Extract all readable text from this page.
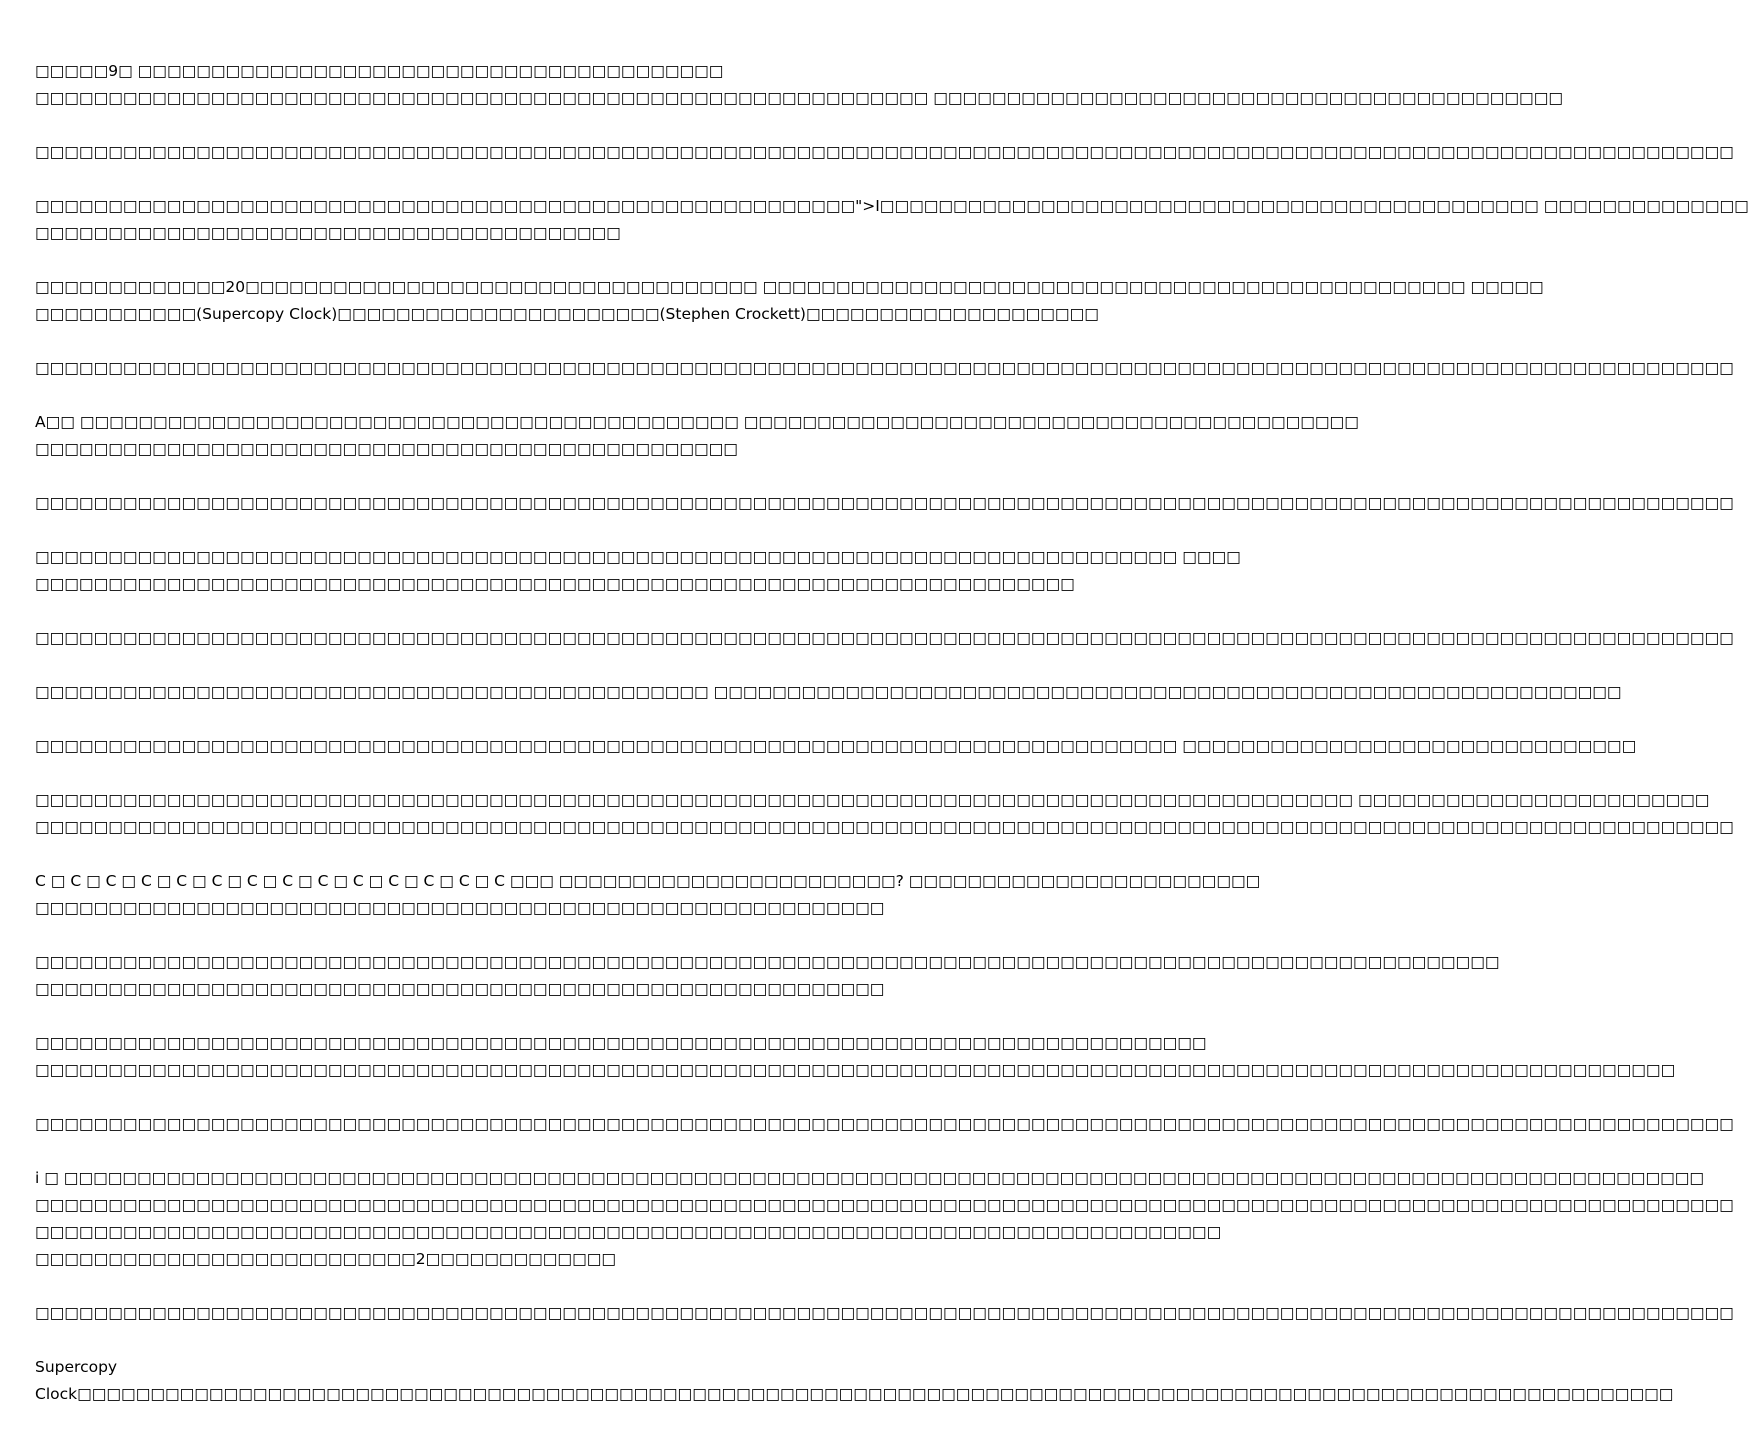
□□□□□9□ □□□□□□□□□□□□□□□□□□□□□□□□□□□□□□□□□□□□□□□□
□□□□□□□□□□□□□□□□□□□□□□□□□□□□□□□□□□□□□□□□□□□□□□□□□□□□□□□□□□□□□ □□□□□□□□□□□□□□□□□□□□□□□□□□□□□□□□□□□□□□□□□□□

□□□□□□□□□□□□□□□□□□□□□□□□□□□□□□□□□□□□□□□□□□□□□□□□□□□□□□□□□□□□□□□□□□□□□□□□□□□□□□□□□□□□□□□□□□□□□□□□□□□□□□□□□□□□□□□□□□□□

□□□□□□□□□□□□□□□□□□□□□□□□□□□□□□□□□□□□□□□□□□□□□□□□□□□□□□□□">I□□□□□□□□□□□□□□□□□□□□□□□□□□□□□□□□□□□□□□□□□□□□□ □□□□□□□□□□□□□□
□□□□□□□□□□□□□□□□□□□□□□□□□□□□□□□□□□□□□□□□

□□□□□□□□□□□□□20□□□□□□□□□□□□□□□□□□□□□□□□□□□□□□□□□□□ □□□□□□□□□□□□□□□□□□□□□□□□□□□□□□□□□□□□□□□□□□□□□□□□ □□□□□
□□□□□□□□□□□(Supercopy Clock)□□□□□□□□□□□□□□□□□□□□□□(Stephen Crockett)□□□□□□□□□□□□□□□□□□□□

□□□□□□□□□□□□□□□□□□□□□□□□□□□□□□□□□□□□□□□□□□□□□□□□□□□□□□□□□□□□□□□□□□□□□□□□□□□□□□□□□□□□□□□□□□□□□□□□□□□□□□□□□□□□□□□□□□□□

A□□ □□□□□□□□□□□□□□□□□□□□□□□□□□□□□□□□□□□□□□□□□□□□□ □□□□□□□□□□□□□□□□□□□□□□□□□□□□□□□□□□□□□□□□□□
□□□□□□□□□□□□□□□□□□□□□□□□□□□□□□□□□□□□□□□□□□□□□□□□

□□□□□□□□□□□□□□□□□□□□□□□□□□□□□□□□□□□□□□□□□□□□□□□□□□□□□□□□□□□□□□□□□□□□□□□□□□□□□□□□□□□□□□□□□□□□□□□□□□□□□□□□□□□□□□□□□□□□

□□□□□□□□□□□□□□□□□□□□□□□□□□□□□□□□□□□□□□□□□□□□□□□□□□□□□□□□□□□□□□□□□□□□□□□□□□□□□□ □□□□
□□□□□□□□□□□□□□□□□□□□□□□□□□□□□□□□□□□□□□□□□□□□□□□□□□□□□□□□□□□□□□□□□□□□□□□

□□□□□□□□□□□□□□□□□□□□□□□□□□□□□□□□□□□□□□□□□□□□□□□□□□□□□□□□□□□□□□□□□□□□□□□□□□□□□□□□□□□□□□□□□□□□□□□□□□□□□□□□□□□□□□□□□□□□

□□□□□□□□□□□□□□□□□□□□□□□□□□□□□□□□□□□□□□□□□□□□□□ □□□□□□□□□□□□□□□□□□□□□□□□□□□□□□□□□□□□□□□□□□□□□□□□□□□□□□□□□□□□□□

□□□□□□□□□□□□□□□□□□□□□□□□□□□□□□□□□□□□□□□□□□□□□□□□□□□□□□□□□□□□□□□□□□□□□□□□□□□□□□ □□□□□□□□□□□□□□□□□□□□□□□□□□□□□□□

□□□□□□□□□□□□□□□□□□□□□□□□□□□□□□□□□□□□□□□□□□□□□□□□□□□□□□□□□□□□□□□□□□□□□□□□□□□□□□□□□□□□□□□□□□ □□□□□□□□□□□□□□□□□□□□□□□□
□□□□□□□□□□□□□□□□□□□□□□□□□□□□□□□□□□□□□□□□□□□□□□□□□□□□□□□□□□□□□□□□□□□□□□□□□□□□□□□□□□□□□□□□□□□□□□□□□□□□□□□□□□□□□□□□□□□□

C □ C □ C □ C □ C □ C □ C □ C □ C □ C □ C □ C □ C □ C □□□ □□□□□□□□□□□□□□□□□□□□□□□? □□□□□□□□□□□□□□□□□□□□□□□□
□□□□□□□□□□□□□□□□□□□□□□□□□□□□□□□□□□□□□□□□□□□□□□□□□□□□□□□□□□

□□□□□□□□□□□□□□□□□□□□□□□□□□□□□□□□□□□□□□□□□□□□□□□□□□□□□□□□□□□□□□□□□□□□□□□□□□□□□□□□□□□□□□□□□□□□□□□□□□□□
□□□□□□□□□□□□□□□□□□□□□□□□□□□□□□□□□□□□□□□□□□□□□□□□□□□□□□□□□□

□□□□□□□□□□□□□□□□□□□□□□□□□□□□□□□□□□□□□□□□□□□□□□□□□□□□□□□□□□□□□□□□□□□□□□□□□□□□□□□□
□□□□□□□□□□□□□□□□□□□□□□□□□□□□□□□□□□□□□□□□□□□□□□□□□□□□□□□□□□□□□□□□□□□□□□□□□□□□□□□□□□□□□□□□□□□□□□□□□□□□□□□□□□□□□□□□

□□□□□□□□□□□□□□□□□□□□□□□□□□□□□□□□□□□□□□□□□□□□□□□□□□□□□□□□□□□□□□□□□□□□□□□□□□□□□□□□□□□□□□□□□□□□□□□□□□□□□□□□□□□□□□□□□□□□

i □ □□□□□□□□□□□□□□□□□□□□□□□□□□□□□□□□□□□□□□□□□□□□□□□□□□□□□□□□□□□□□□□□□□□□□□□□□□□□□□□□□□□□□□□□□□□□□□□□□□□□□□□□□□□□□□□□
□□□□□□□□□□□□□□□□□□□□□□□□□□□□□□□□□□□□□□□□□□□□□□□□□□□□□□□□□□□□□□□□□□□□□□□□□□□□□□□□□□□□□□□□□□□□□□□□□□□□□□□□□□□□□□□□□□□□
□□□□□□□□□□□□□□□□□□□□□□□□□□□□□□□□□□□□□□□□□□□□□□□□□□□□□□□□□□□□□□□□□□□□□□□□□□□□□□□□□
□□□□□□□□□□□□□□□□□□□□□□□□□□2□□□□□□□□□□□□□

□□□□□□□□□□□□□□□□□□□□□□□□□□□□□□□□□□□□□□□□□□□□□□□□□□□□□□□□□□□□□□□□□□□□□□□□□□□□□□□□□□□□□□□□□□□□□□□□□□□□□□□□□□□□□□□□□□□□

Supercopy
Clock□□□□□□□□□□□□□□□□□□□□□□□□□□□□□□□□□□□□□□□□□□□□□□□□□□□□□□□□□□□□□□□□□□□□□□□□□□□□□□□□□□□□□□□□□□□□□□□□□□□□□□□□□□□□□
